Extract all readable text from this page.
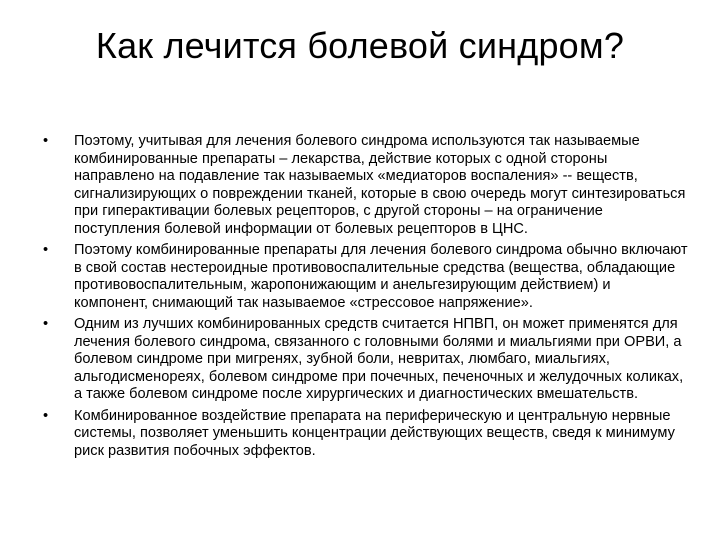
Как лечится болевой синдром?
• Поэтому, учитывая для лечения болевого синдрома используются так называемые комбинированные препараты – лекарства, действие которых с одной стороны направлено на подавление так называемых «медиаторов воспаления» -- веществ, сигнализирующих о повреждении тканей, которые в свою очередь могут синтезироваться при гиперактивации болевых рецепторов, с другой стороны – на ограничение поступления болевой информации от болевых рецепторов в ЦНС.
• Поэтому комбинированные препараты для лечения болевого синдрома обычно включают в свой состав нестероидные противовоспалительные средства (вещества, обладающие противовоспалительным, жаропонижающим и анельгезирующим действием) и компонент, снимающий так называемое «стрессовое напряжение».
• Одним из лучших комбинированных средств считается НПВП, он может применятся для лечения болевого синдрома, связанного с головными болями и миальгиями при ОРВИ, а болевом синдроме при мигренях, зубной боли, невритах, люмбаго, миальгиях, альгодисменореях, болевом синдроме при почечных, печеночных и желудочных коликах, а также болевом синдроме после хирургических и диагностических вмешательств.
• Комбинированное воздействие препарата на периферическую и центральную нервные системы, позволяет уменьшить концентрации действующих веществ, сведя к минимуму риск развития побочных эффектов.
